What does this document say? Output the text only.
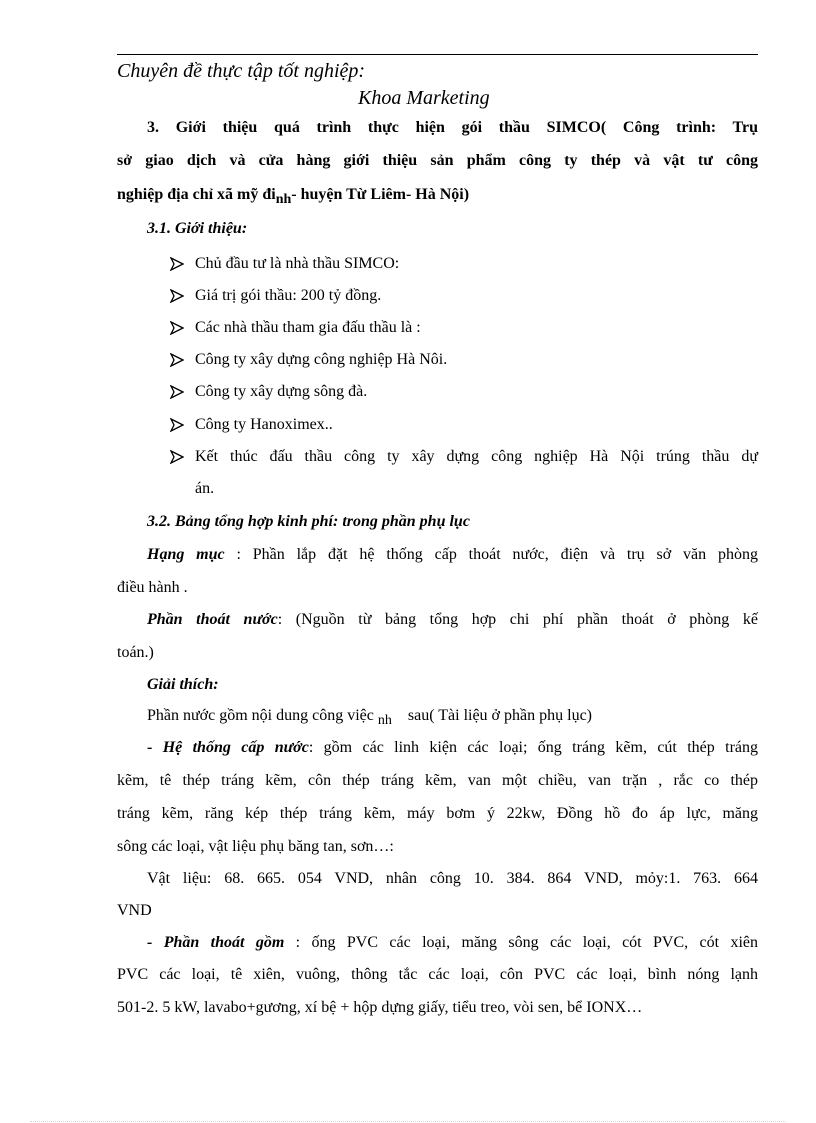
Chuyên đề thực tập tốt nghiệp:
Khoa Marketing
3. Giới thiệu quá trình thực hiện gói thầu SIMCO( Công trình: Trụ
sở giao dịch và cửa hàng giới thiệu sản phẩm công ty thép và vật tư công
nghiệp địa chỉ xã mỹ đinh- huyện Từ Liêm- Hà Nội)
3.1. Giới thiệu:
Chủ đầu tư là nhà thầu SIMCO:
Giá trị gói thầu: 200 tỷ đồng.
Các nhà thầu tham gia đấu thầu là :
Công ty xây dựng công nghiệp Hà Nôi.
Công ty xây dựng sông đà.
Công ty Hanoximex..
Kết thúc đấu thầu công ty xây dựng công nghiệp Hà Nội trúng thầu dự
án.
3.2. Bảng tổng hợp kinh phí: trong phần phụ lục
Hạng mục : Phần lắp đặt hệ thống cấp thoát nước, điện và trụ sở văn phòng
điều hành .
Phần thoát nước: (Nguồn từ bảng tổng hợp chi phí phần thoát ở phòng kế
toán.)
Giải thích:
Phần nước gồm nội dung công việc nh    sau( Tài liệu ở phần phụ lục)
- Hệ thống cấp nước: gồm các linh kiện các loại; ống tráng kẽm, cút thép tráng
kẽm, tê thép tráng kẽm, côn thép tráng kẽm, van một chiều, van trặn , rắc co thép
tráng kẽm, răng kép thép tráng kẽm, máy bơm ý 22kw, Đồng hồ đo áp lực, măng
sông các loại, vật liệu phụ băng tan, sơn…:
Vật liệu: 68. 665. 054 VND, nhân công 10. 384. 864 VND, mỏy:1. 763. 664
VND
- Phần thoát gồm : ống PVC các loại, măng sông các loại, cót PVC, cót xiên
PVC các loại, tê xiên, vuông, thông tắc các loại, côn PVC các loại, bình nóng lạnh
501-2. 5 kW, lavabo+gương, xí bệ + hộp dựng giấy, tiểu treo, vòi sen, bể IONX…
